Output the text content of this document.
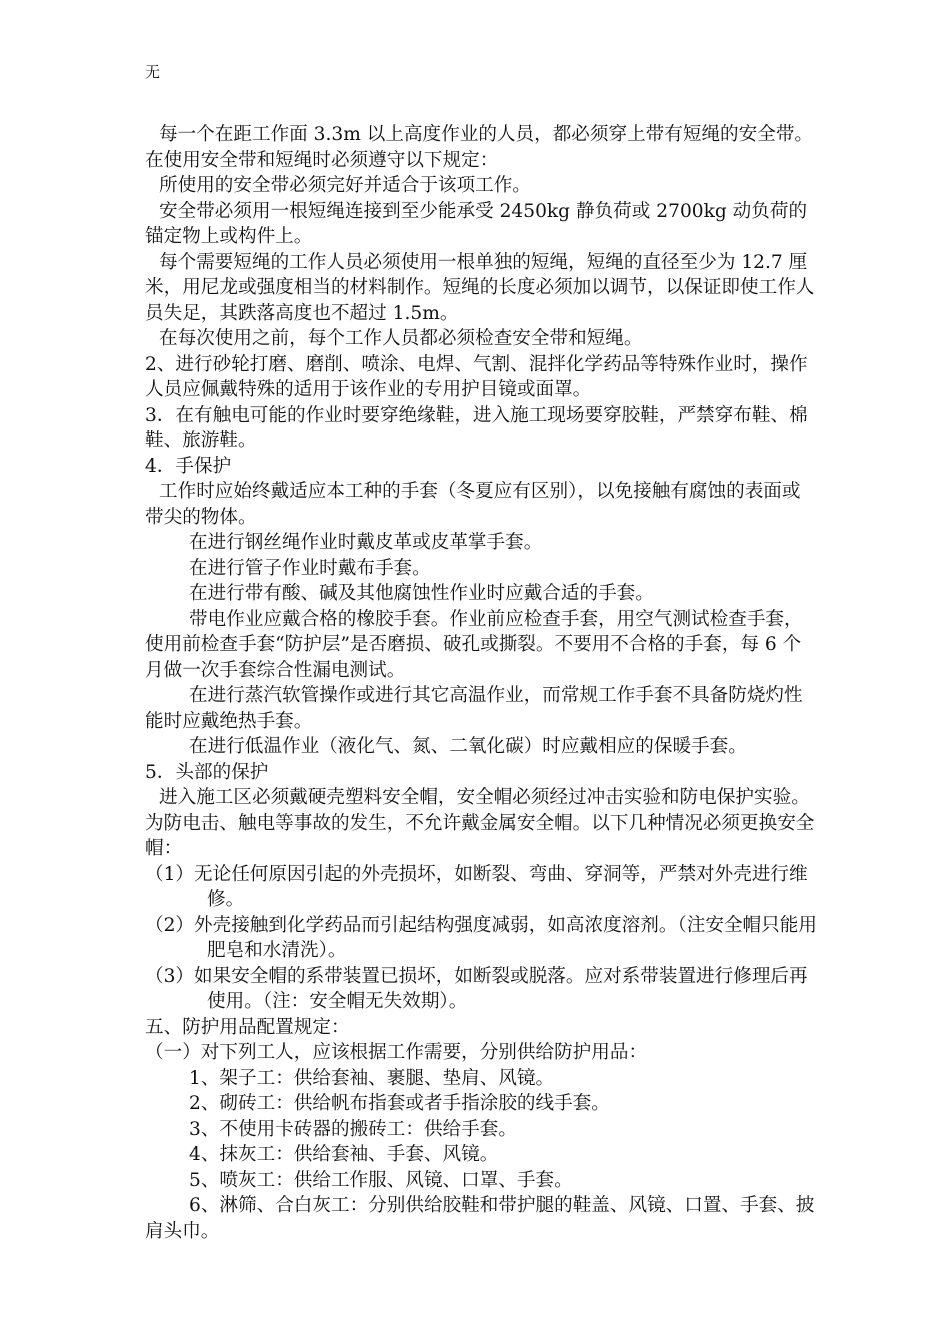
无

每一个在距工作面 3.3m 以上高度作业的人员，都必须穿上带有短绳的安全带。在使用安全带和短绳时必须遵守以下规定：

所使用的安全带必须完好并适合于该项工作。

安全带必须用一根短绳连接到至少能承受 2450kg 静负荷或 2700kg 动负荷的锚定物上或构件上。

每个需要短绳的工作人员必须使用一根单独的短绳，短绳的直径至少为 12.7 厘米，用尼龙或强度相当的材料制作。短绳的长度必须加以调节，以保证即使工作人员失足，其跌落高度也不超过 1.5m。

在每次使用之前，每个工作人员都必须检查安全带和短绳。

2、进行砂轮打磨、磨削、喷涂、电焊、气割、混拌化学药品等特殊作业时，操作人员应佩戴特殊的适用于该作业的专用护目镜或面罩。

3．在有触电可能的作业时要穿绝缘鞋，进入施工现场要穿胶鞋，严禁穿布鞋、棉鞋、旅游鞋。

4．手保护

工作时应始终戴适应本工种的手套（冬夏应有区别），以免接触有腐蚀的表面或带尖的物体。

在进行钢丝绳作业时戴皮革或皮革掌手套。

在进行管子作业时戴布手套。

在进行带有酸、碱及其他腐蚀性作业时应戴合适的手套。

带电作业应戴合格的橡胶手套。作业前应检查手套，用空气测试检查手套，使用前检查手套“防护层”是否磨损、破孔或撕裂。不要用不合格的手套，每 6 个月做一次手套综合性漏电测试。

在进行蒸汽软管操作或进行其它高温作业，而常规工作手套不具备防烧灼性能时应戴绝热手套。

在进行低温作业（液化气、氮、二氧化碳）时应戴相应的保暖手套。

5．头部的保护

进入施工区必须戴硬壳塑料安全帽，安全帽必须经过冲击实验和防电保护实验。为防电击、触电等事故的发生，不允许戴金属安全帽。以下几种情况必须更换安全帽：

（1）无论任何原因引起的外壳损坏，如断裂、弯曲、穿洞等，严禁对外壳进行维修。

（2）外壳接触到化学药品而引起结构强度减弱，如高浓度溶剂。（注安全帽只能用肥皂和水清洗）。

（3）如果安全帽的系带装置已损坏，如断裂或脱落。应对系带装置进行修理后再使用。（注：安全帽无失效期）。

五、防护用品配置规定：

（一）对下列工人，应该根据工作需要，分别供给防护用品：

1、架子工：供给套袖、裹腿、垫肩、风镜。

2、砌砖工：供给帆布指套或者手指涂胶的线手套。

3、不使用卡砖器的搬砖工：供给手套。

4、抹灰工：供给套袖、手套、风镜。

5、喷灰工：供给工作服、风镜、口罩、手套。

6、淋筛、合白灰工：分别供给胶鞋和带护腿的鞋盖、风镜、口置、手套、披肩头巾。
